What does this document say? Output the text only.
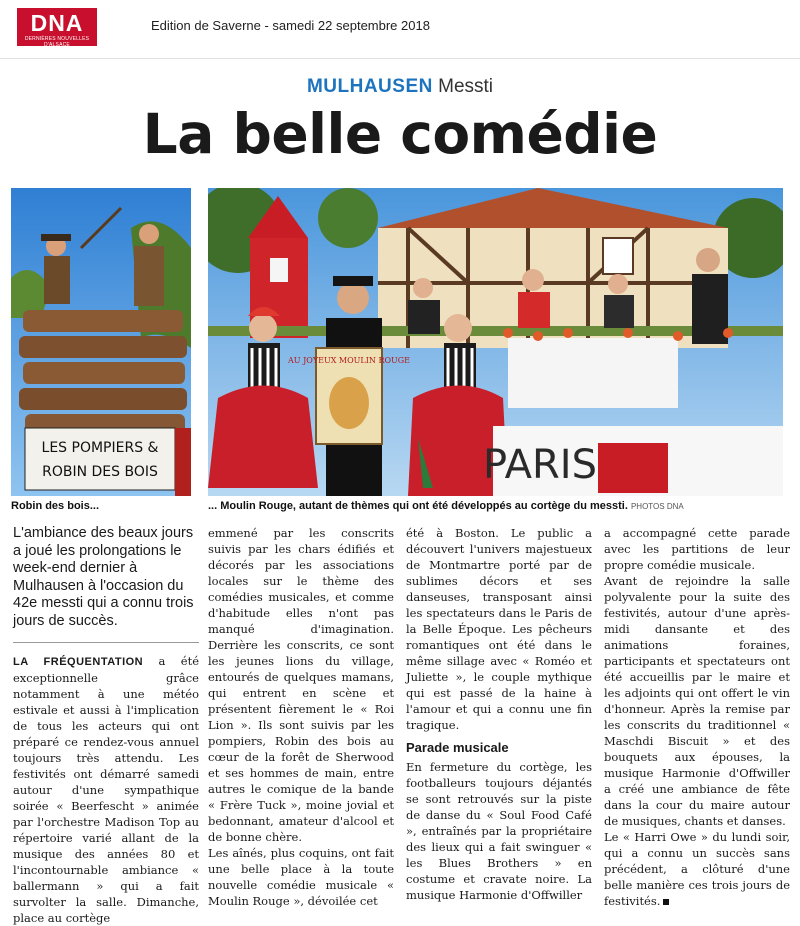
DNA
DERNIÈRES NOUVELLES D'ALSACE
Edition de Saverne - samedi 22 septembre 2018
MULHAUSEN Messti
La belle comédie
LES POMPIERS &
ROBIN DES BOIS
AU JOYEUX MOULIN ROUGE
PARIS
Robin des bois...	... Moulin Rouge, autant de thèmes qui ont été développés au cortège du messti. PHOTOS DNA

L'ambiance des beaux jours a joué les prolongations le week-end dernier à Mulhausen à l'occasion du 42e messti qui a connu trois jours de succès.

LA FRÉQUENTATION a été exceptionnelle grâce notamment à une météo estivale et aussi à l'implication de tous les acteurs qui ont préparé ce rendez-vous annuel toujours très attendu. Les festivités ont démarré samedi autour d'une sympathique soirée « Beerfescht » animée par l'orchestre Madison Top au répertoire varié allant de la musique des années 80 et l'incontournable ambiance « ballermann » qui a fait survolter la salle. Dimanche, place au cortège

emmené par les conscrits suivis par les chars édifiés et décorés par les associations locales sur le thème des comédies musicales, et comme d'habitude elles n'ont pas manqué d'imagination. Derrière les conscrits, ce sont les jeunes lions du village, entourés de quelques mamans, qui entrent en scène et présentent fièrement le « Roi Lion ». Ils sont suivis par les pompiers, Robin des bois au cœur de la forêt de Sherwood et ses hommes de main, entre autres le comique de la bande « Frère Tuck », moine jovial et bedonnant, amateur d'alcool et de bonne chère.

Les aînés, plus coquins, ont fait une belle place à la toute nouvelle comédie musicale « Moulin Rouge », dévoilée cet

été à Boston. Le public a découvert l'univers majestueux de Montmartre porté par de sublimes décors et ses danseuses, transposant ainsi les spectateurs dans le Paris de la Belle Époque. Les pêcheurs romantiques ont été dans le même sillage avec « Roméo et Juliette », le couple mythique qui est passé de la haine à l'amour et qui a connu une fin tragique.

Parade musicale

En fermeture du cortège, les footballeurs toujours déjantés se sont retrouvés sur la piste de danse du « Soul Food Café », entraînés par la propriétaire des lieux qui a fait swinguer « les Blues Brothers » en costume et cravate noire. La musique Harmonie d'Offwiller

a accompagné cette parade avec les partitions de leur propre comédie musicale.

Avant de rejoindre la salle polyvalente pour la suite des festivités, autour d'une après-midi dansante et des animations foraines, participants et spectateurs ont été accueillis par le maire et les adjoints qui ont offert le vin d'honneur. Après la remise par les conscrits du traditionnel « Maschdi Biscuit » et des bouquets aux épouses, la musique Harmonie d'Offwiller a créé une ambiance de fête dans la cour du maire autour de musiques, chants et danses.

Le « Harri Owe » du lundi soir, qui a connu un succès sans précédent, a clôturé d'une belle manière ces trois jours de festivités.
